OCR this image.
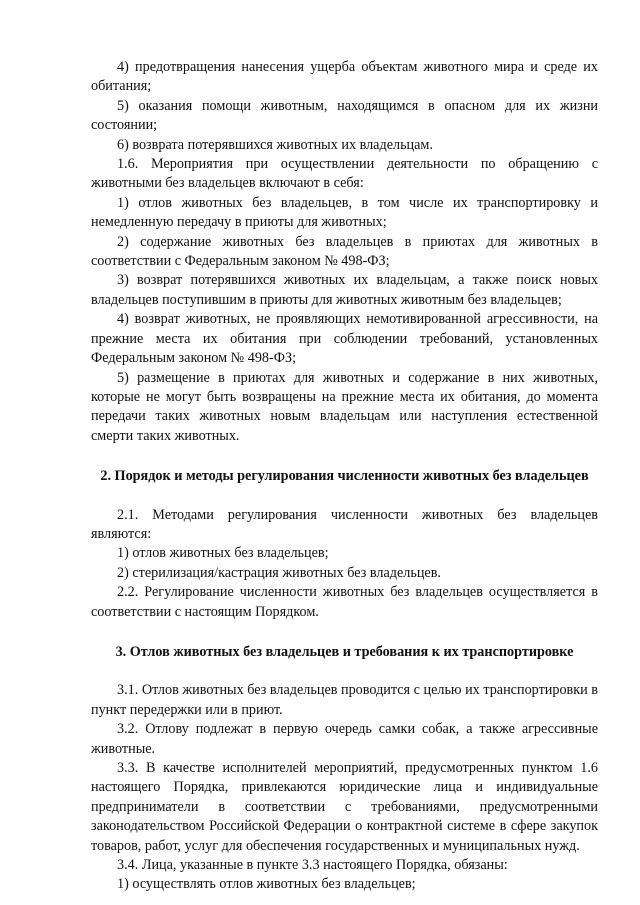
4) предотвращения нанесения ущерба объектам животного мира и среде их обитания;

5) оказания помощи животным, находящимся в опасном для их жизни состоянии;

6) возврата потерявшихся животных их владельцам.

1.6. Мероприятия при осуществлении деятельности по обращению с животными без владельцев включают в себя:

1) отлов животных без владельцев, в том числе их транспортировку и немедленную передачу в приюты для животных;

2) содержание животных без владельцев в приютах для животных в соответствии с Федеральным законом № 498-ФЗ;

3) возврат потерявшихся животных их владельцам, а также поиск новых владельцев поступившим в приюты для животных животным без владельцев;

4) возврат животных, не проявляющих немотивированной агрессивности, на прежние места их обитания при соблюдении требований, установленных Федеральным законом № 498-ФЗ;

5) размещение в приютах для животных и содержание в них животных, которые не могут быть возвращены на прежние места их обитания, до момента передачи таких животных новым владельцам или наступления естественной смерти таких животных.

2. Порядок и методы регулирования численности животных без владельцев

2.1. Методами регулирования численности животных без владельцев являются:

1) отлов животных без владельцев;

2) стерилизация/кастрация животных без владельцев.

2.2. Регулирование численности животных без владельцев осуществляется в соответствии с настоящим Порядком.

3. Отлов животных без владельцев и требования к их транспортировке

3.1. Отлов животных без владельцев проводится с целью их транспортировки в пункт передержки или в приют.

3.2. Отлову подлежат в первую очередь самки собак, а также агрессивные животные.

3.3. В качестве исполнителей мероприятий, предусмотренных пунктом 1.6 настоящего Порядка, привлекаются юридические лица и индивидуальные предприниматели в соответствии с требованиями, предусмотренными законодательством Российской Федерации о контрактной системе в сфере закупок товаров, работ, услуг для обеспечения государственных и муниципальных нужд.

3.4. Лица, указанные в пункте 3.3 настоящего Порядка, обязаны:

1) осуществлять отлов животных без владельцев;
